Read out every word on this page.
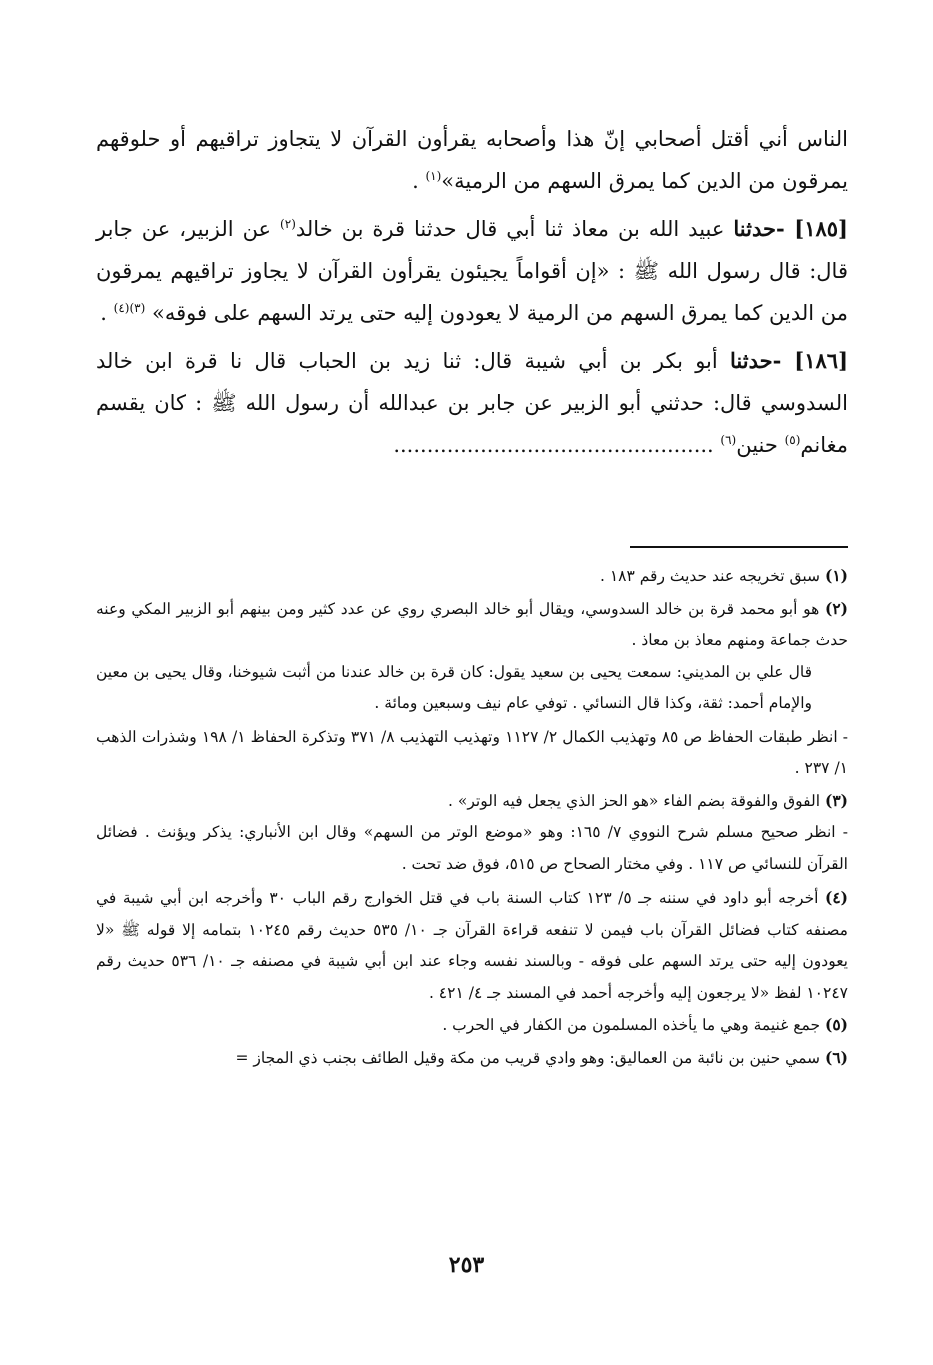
الناس أني أقتل أصحابي إنّ هذا وأصحابه يقرأون القرآن لا يتجاوز تراقيهم أو حلوقهم يمرقون من الدين كما يمرق السهم من الرمية»$^{(١)}$ .

[١٨٥] -حدثنا عبيد الله بن معاذ ثنا أبي قال حدثنا قرة بن خالد$^{(٢)}$ عن الزبير، عن جابر قال: قال رسول الله ﷺ : «إن أقواماً يجيئون يقرأون القرآن لا يجاوز تراقيهم يمرقون من الدين كما يمرق السهم من الرمية لا يعودون إليه حتى يرتد السهم على فوقه» $^{(٣)(٤)}$ .

[١٨٦] -حدثنا أبو بكر بن أبي شيبة قال: ثنا زيد بن الحباب قال نا قرة ابن خالد السدوسي قال: حدثني أبو الزبير عن جابر بن عبدالله أن رسول الله ﷺ : كان يقسم مغانم$^{(٥)}$ حنين$^{(٦)}$ ................................................

(١) سبق تخريجه عند حديث رقم ١٨٣ .

(٢) هو أبو محمد قرة بن خالد السدوسي، ويقال أبو خالد البصري روي عن عدد كثير ومن بينهم أبو الزبير المكي وعنه حدث جماعة ومنهم معاذ بن معاذ .

قال علي بن المديني: سمعت يحيى بن سعيد يقول: كان قرة بن خالد عندنا من أثبت شيوخنا، وقال يحيى بن معين والإمام أحمد: ثقة، وكذا قال النسائي . توفي عام نيف وسبعين ومائة .

- انظر طبقات الحفاظ ص ٨٥ وتهذيب الكمال ٢/ ١١٢٧ وتهذيب التهذيب ٨/ ٣٧١ وتذكرة الحفاظ ١/ ١٩٨ وشذرات الذهب ١/ ٢٣٧ .

(٣) الفوق والفوقة بضم الفاء «هو الحز الذي يجعل فيه الوتر» .

- انظر صحيح مسلم شرح النووي ٧/ ١٦٥: وهو «موضع الوتر من السهم» وقال ابن الأنباري: يذكر ويؤنث . فضائل القرآن للنسائي ص ١١٧ . وفي مختار الصحاح ص ٥١٥، فوق ضد تحت .

(٤) أخرجه أبو داود في سننه جـ ٥/ ١٢٣ كتاب السنة باب في قتل الخوارج رقم الباب ٣٠ وأخرجه ابن أبي شيبة في مصنفه كتاب فضائل القرآن باب فيمن لا تنفعه قراءة القرآن جـ ١٠/ ٥٣٥ حديث رقم ١٠٢٤٥ بتمامه إلا قوله ﷺ «لا يعودون إليه حتى يرتد السهم على فوقه - وبالسند نفسه وجاء عند ابن أبي شيبة في مصنفه جـ ١٠/ ٥٣٦ حديث رقم ١٠٢٤٧ لفظ «لا يرجعون إليه وأخرجه أحمد في المسند جـ ٤/ ٤٢١ .

(٥) جمع غنيمة وهي ما يأخذه المسلمون من الكفار في الحرب .

(٦) سمي حنين بن نائبة من العماليق: وهو وادي قريب من مكة وقيل الطائف بجنب ذي المجاز =

٢٥٣
